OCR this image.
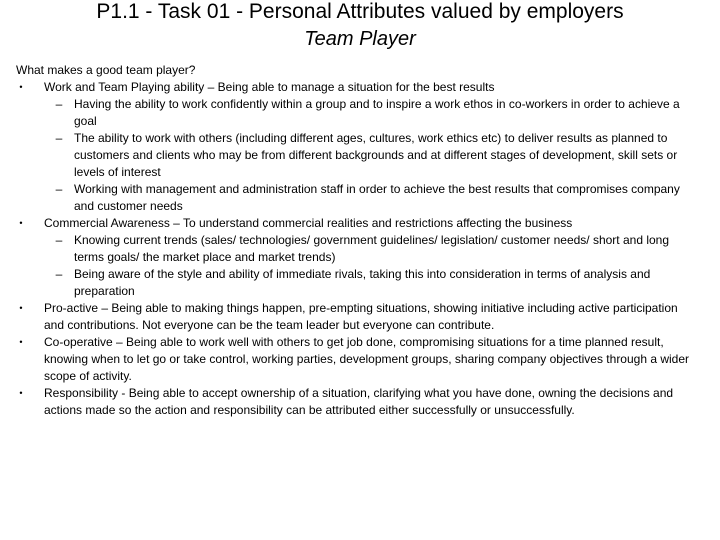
P1.1 - Task 01 - Personal Attributes valued by employers
Team Player

What makes a good team player?

• Work and Team Playing ability – Being able to manage a situation for the best results
– Having the ability to work confidently within a group and to inspire a work ethos in co-workers in order to achieve a goal
– The ability to work with others (including different ages, cultures, work ethics etc) to deliver results as planned to customers and clients who may be from different backgrounds and at different stages of development, skill sets or levels of interest
– Working with management and administration staff in order to achieve the best results that compromises company and customer needs
• Commercial Awareness – To understand commercial realities and restrictions affecting the business
– Knowing current trends (sales/ technologies/ government guidelines/ legislation/ customer needs/ short and long terms goals/ the market place and market trends)
– Being aware of the style and ability of immediate rivals, taking this into consideration in terms of analysis and preparation
• Pro-active – Being able to making things happen, pre-empting situations, showing initiative including active participation and contributions. Not everyone can be the team leader but everyone can contribute.
• Co-operative – Being able to work well with others to get job done, compromising situations for a time planned result, knowing when to let go or take control, working parties, development groups, sharing company objectives through a wider scope of activity.
• Responsibility - Being able to accept ownership of a situation, clarifying what you have done, owning the decisions and actions made so the action and responsibility can be attributed either successfully or unsuccessfully.
